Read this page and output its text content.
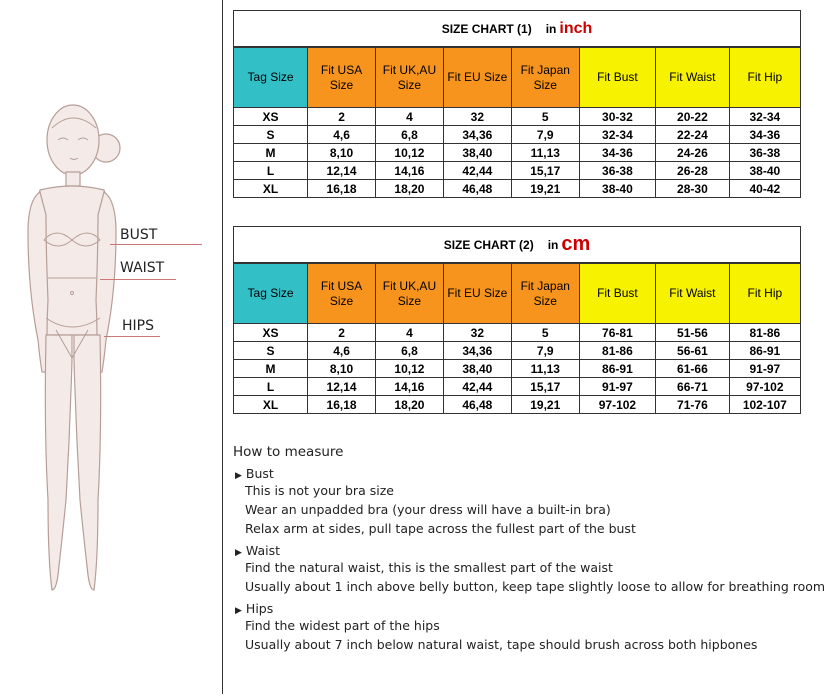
BUST
WAIST
HIPS
SIZE CHART (1) in inch
Tag Size	Fit USA Size	Fit UK,AU Size	Fit EU Size	Fit Japan Size	Fit Bust	Fit Waist	Fit Hip
XS	2	4	32	5	30-32	20-22	32-34
S	4,6	6,8	34,36	7,9	32-34	22-24	34-36
M	8,10	10,12	38,40	11,13	34-36	24-26	36-38
L	12,14	14,16	42,44	15,17	36-38	26-28	38-40
XL	16,18	18,20	46,48	19,21	38-40	28-30	40-42
SIZE CHART (2) in cm
Tag Size	Fit USA Size	Fit UK,AU Size	Fit EU Size	Fit Japan Size	Fit Bust	Fit Waist	Fit Hip
XS	2	4	32	5	76-81	51-56	81-86
S	4,6	6,8	34,36	7,9	81-86	56-61	86-91
M	8,10	10,12	38,40	11,13	86-91	61-66	91-97
L	12,14	14,16	42,44	15,17	91-97	66-71	97-102
XL	16,18	18,20	46,48	19,21	97-102	71-76	102-107
How to measure
▶ Bust
This is not your bra size
Wear an unpadded bra (your dress will have a built-in bra)
Relax arm at sides, pull tape across the fullest part of the bust
▶ Waist
Find the natural waist, this is the smallest part of the waist
Usually about 1 inch above belly button, keep tape slightly loose to allow for breathing room
▶ Hips
Find the widest part of the hips
Usually about 7 inch below natural waist, tape should brush across both hipbones
